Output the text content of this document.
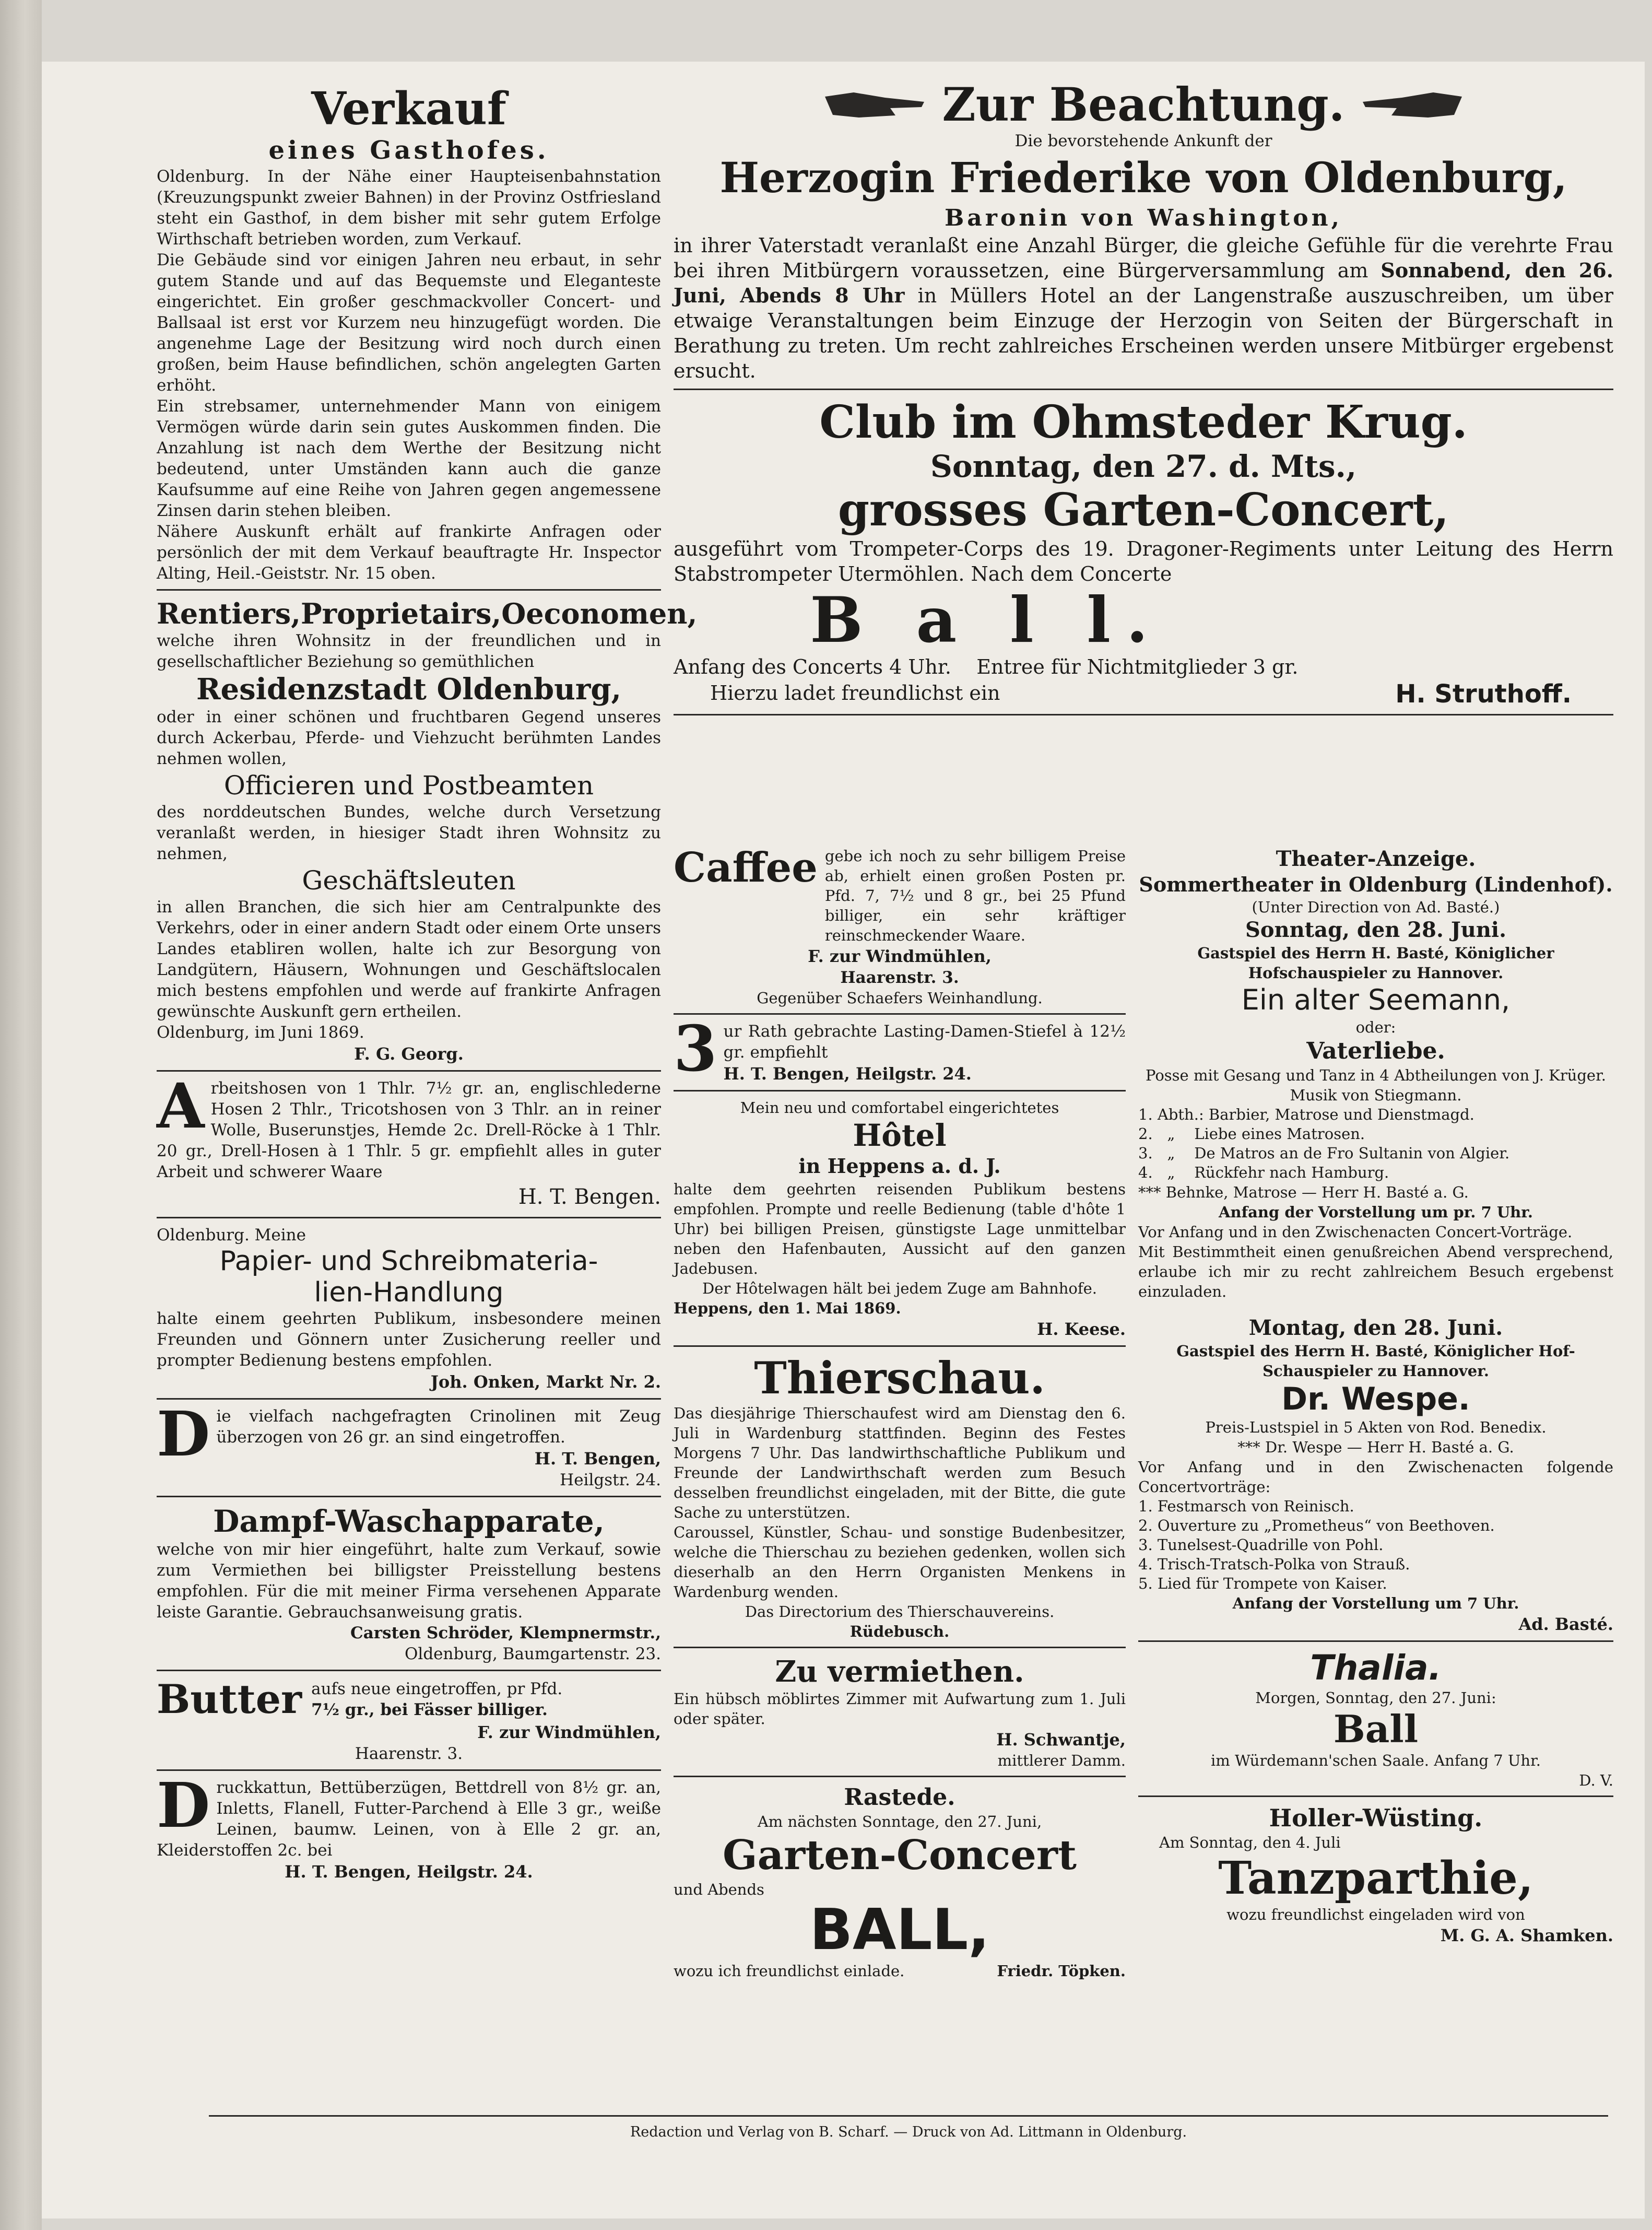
Verkauf

eines Gasthofes.

Oldenburg. In der Nähe einer Haupteisenbahnstation (Kreuzungspunkt zweier Bahnen) in der Provinz Ostfriesland steht ein Gasthof, in dem bisher mit sehr gutem Erfolge Wirthschaft betrieben worden, zum Verkauf.

Die Gebäude sind vor einigen Jahren neu erbaut, in sehr gutem Stande und auf das Bequemste und Eleganteste eingerichtet. Ein großer geschmackvoller Concert- und Ballsaal ist erst vor Kurzem neu hinzugefügt worden. Die angenehme Lage der Besitzung wird noch durch einen großen, beim Hause befindlichen, schön angelegten Garten erhöht.

Ein strebsamer, unternehmender Mann von einigem Vermögen würde darin sein gutes Auskommen finden. Die Anzahlung ist nach dem Werthe der Besitzung nicht bedeutend, unter Umständen kann auch die ganze Kaufsumme auf eine Reihe von Jahren gegen angemessene Zinsen darin stehen bleiben.

Nähere Auskunft erhält auf frankirte Anfragen oder persönlich der mit dem Verkauf beauftragte Hr. Inspector Alting, Heil.-Geiststr. Nr. 15 oben.

Rentiers,Proprietairs,Oeconomen,

welche ihren Wohnsitz in der freundlichen und in gesellschaftlicher Beziehung so gemüthlichen

Residenzstadt Oldenburg,

oder in einer schönen und fruchtbaren Gegend unseres durch Ackerbau, Pferde- und Viehzucht berühmten Landes nehmen wollen,

Officieren und Postbeamten

des norddeutschen Bundes, welche durch Versetzung veranlaßt werden, in hiesiger Stadt ihren Wohnsitz zu nehmen,

Geschäftsleuten

in allen Branchen, die sich hier am Centralpunkte des Verkehrs, oder in einer andern Stadt oder einem Orte unsers Landes etabliren wollen, halte ich zur Besorgung von Landgütern, Häusern, Wohnungen und Geschäftslocalen mich bestens empfohlen und werde auf frankirte Anfragen gewünschte Auskunft gern ertheilen.

Oldenburg, im Juni 1869.

F. G. Georg.

A rbeitshosen von 1 Thlr. 7½ gr. an, englischlederne Hosen 2 Thlr., Tricotshosen von 3 Thlr. an in reiner Wolle, Buserunstjes, Hemde 2c. Drell-Röcke à 1 Thlr. 20 gr., Drell-Hosen à 1 Thlr. 5 gr. empfiehlt alles in guter Arbeit und schwerer Waare

H. T. Bengen.

Oldenburg. Meine

Papier- und Schreibmateria-

lien-Handlung

halte einem geehrten Publikum, insbesondere meinen Freunden und Gönnern unter Zusicherung reeller und prompter Bedienung bestens empfohlen.

Joh. Onken, Markt Nr. 2.

D ie vielfach nachgefragten Crinolinen mit Zeug überzogen von 26 gr. an sind eingetroffen.

H. T. Bengen,

Heilgstr. 24.

Dampf-Waschapparate,

welche von mir hier eingeführt, halte zum Verkauf, sowie zum Vermiethen bei billigster Preisstellung bestens empfohlen. Für die mit meiner Firma versehenen Apparate leiste Garantie. Gebrauchsanweisung gratis.

Carsten Schröder, Klempnermstr.,

Oldenburg, Baumgartenstr. 23.

Butter aufs neue eingetroffen, pr Pfd.

7½ gr., bei Fässer billiger.

F. zur Windmühlen,

Haarenstr. 3.

D ruckkattun, Bettüberzügen, Bettdrell von 8½ gr. an, Inletts, Flanell, Futter-Parchend à Elle 3 gr., weiße Leinen, baumw. Leinen, von à Elle 2 gr. an, Kleiderstoffen 2c. bei

H. T. Bengen, Heilgstr. 24.

Zur Beachtung.

Die bevorstehende Ankunft der

Herzogin Friederike von Oldenburg,

Baronin von Washington,

in ihrer Vaterstadt veranlaßt eine Anzahl Bürger, die gleiche Gefühle für die verehrte Frau bei ihren Mitbürgern voraussetzen, eine Bürgerversammlung am Sonnabend, den 26. Juni, Abends 8 Uhr in Müllers Hotel an der Langenstraße auszuschreiben, um über etwaige Veranstaltungen beim Einzuge der Herzogin von Seiten der Bürgerschaft in Berathung zu treten. Um recht zahlreiches Erscheinen werden unsere Mitbürger ergebenst ersucht.

Club im Ohmsteder Krug.

Sonntag, den 27. d. Mts.,

grosses Garten-Concert,

ausgeführt vom Trompeter-Corps des 19. Dragoner-Regiments unter Leitung des Herrn Stabstrompeter Utermöhlen. Nach dem Concerte

B a l l.

Anfang des Concerts 4 Uhr.    Entree für Nichtmitglieder 3 gr.

Hierzu ladet freundlichst ein	H. Struthoff.
Caffee gebe ich noch zu sehr billigem Preise ab, erhielt einen großen Posten pr. Pfd. 7, 7½ und 8 gr., bei 25 Pfund billiger, ein sehr kräftiger reinschmeckender Waare.

F. zur Windmühlen,

Haarenstr. 3.

Gegenüber Schaefers Weinhandlung.

3 ur Rath gebrachte Lasting-Damen-Stiefel à 12½ gr. empfiehlt

H. T. Bengen, Heilgstr. 24.

Mein neu und comfortabel eingerichtetes

Hôtel

in Heppens a. d. J.

halte dem geehrten reisenden Publikum bestens empfohlen. Prompte und reelle Bedienung (table d'hôte 1 Uhr) bei billigen Preisen, günstigste Lage unmittelbar neben den Hafenbauten, Aussicht auf den ganzen Jadebusen.

Der Hôtelwagen hält bei jedem Zuge am Bahnhofe.

Heppens, den 1. Mai 1869.

H. Keese.

Thierschau.

Das diesjährige Thierschaufest wird am Dienstag den 6. Juli in Wardenburg stattfinden. Beginn des Festes Morgens 7 Uhr. Das landwirthschaftliche Publikum und Freunde der Landwirthschaft werden zum Besuch desselben freundlichst eingeladen, mit der Bitte, die gute Sache zu unterstützen.

Caroussel, Künstler, Schau- und sonstige Budenbesitzer, welche die Thierschau zu beziehen gedenken, wollen sich dieserhalb an den Herrn Organisten Menkens in Wardenburg wenden.

Das Directorium des Thierschauvereins.

Rüdebusch.

Zu vermiethen.

Ein hübsch möblirtes Zimmer mit Aufwartung zum 1. Juli oder später.

H. Schwantje,

mittlerer Damm.

Rastede.

Am nächsten Sonntage, den 27. Juni,

Garten-Concert

und Abends

BALL,

wozu ich freundlichst einlade.	Friedr. Töpken.

Theater-Anzeige.

Sommertheater in Oldenburg (Lindenhof).

(Unter Direction von Ad. Basté.)

Sonntag, den 28. Juni.

Gastspiel des Herrn H. Basté, Königlicher Hofschauspieler zu Hannover.

Ein alter Seemann,

oder:

Vaterliebe.

Posse mit Gesang und Tanz in 4 Abtheilungen von J. Krüger. Musik von Stiegmann.

1. Abth.: Barbier, Matrose und Dienstmagd.

2.   „    Liebe eines Matrosen.

3.   „    De Matros an de Fro Sultanin von Algier.

4.   „    Rückfehr nach Hamburg.

*** Behnke, Matrose — Herr H. Basté a. G.

Anfang der Vorstellung um pr. 7 Uhr.

Vor Anfang und in den Zwischenacten Concert-Vorträge.

Mit Bestimmtheit einen genußreichen Abend versprechend, erlaube ich mir zu recht zahlreichem Besuch ergebenst einzuladen.

Montag, den 28. Juni.

Gastspiel des Herrn H. Basté, Königlicher Hof-Schauspieler zu Hannover.

Dr. Wespe.

Preis-Lustspiel in 5 Akten von Rod. Benedix.

*** Dr. Wespe — Herr H. Basté a. G.

Vor Anfang und in den Zwischenacten folgende Concertvorträge:

1. Festmarsch von Reinisch.

2. Ouverture zu „Prometheus“ von Beethoven.

3. Tunelsest-Quadrille von Pohl.

4. Trisch-Tratsch-Polka von Strauß.

5. Lied für Trompete von Kaiser.

Anfang der Vorstellung um 7 Uhr.

Ad. Basté.

Thalia.

Morgen, Sonntag, den 27. Juni:

Ball

im Würdemann'schen Saale. Anfang 7 Uhr.

D. V.

Holler-Wüsting.

Am Sonntag, den 4. Juli

Tanzparthie,

wozu freundlichst eingeladen wird von

M. G. A. Shamken.

Redaction und Verlag von B. Scharf. — Druck von Ad. Littmann in Oldenburg.
